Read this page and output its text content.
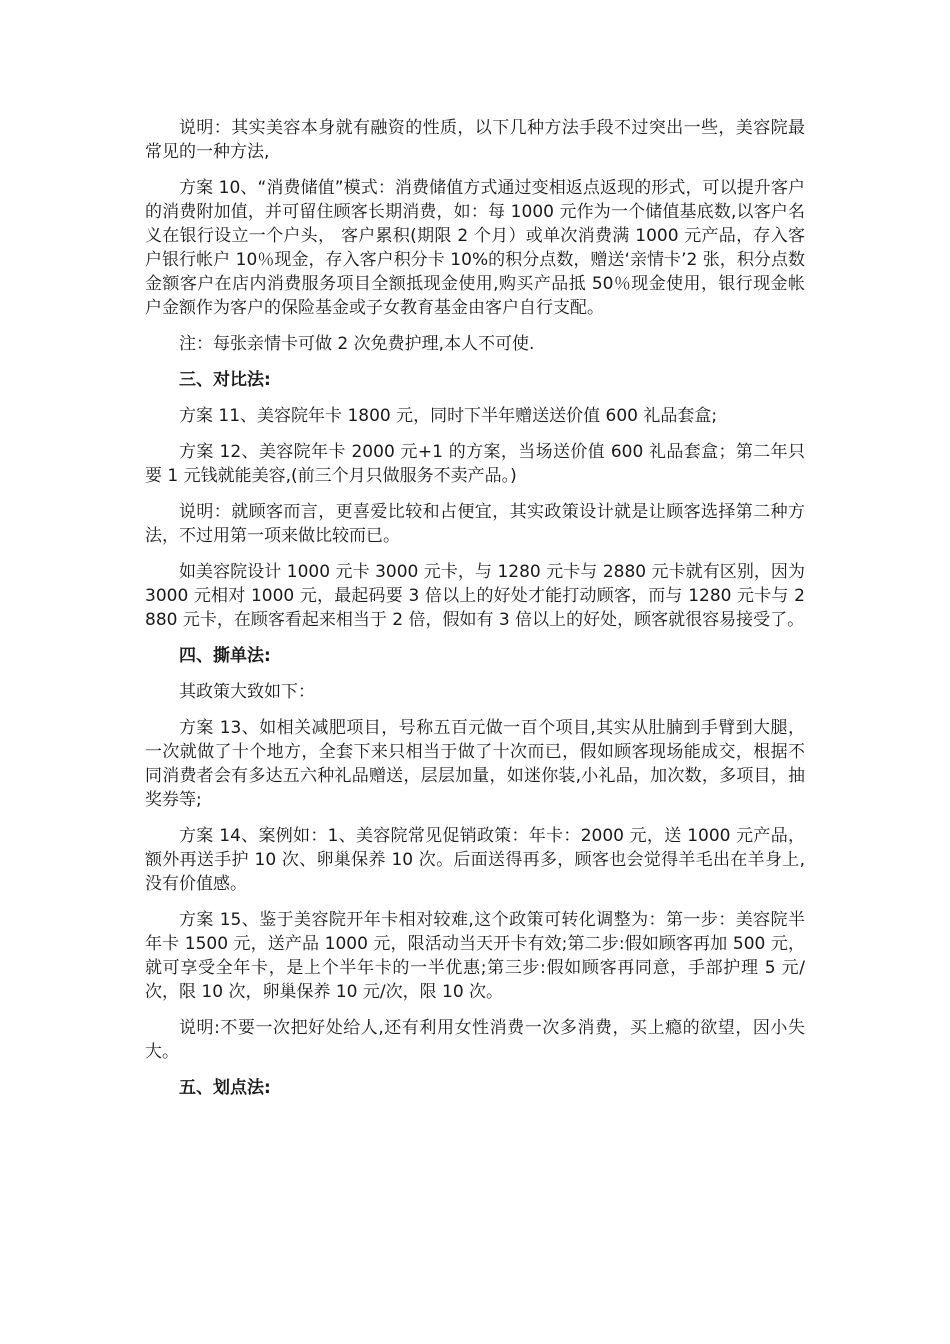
说明：其实美容本身就有融资的性质，以下几种方法手段不过突出一些，美容院最常见的一种方法,

方案 10、“消费储值”模式：消费储值方式通过变相返点返现的形式，可以提升客户的消费附加值，并可留住顾客长期消费，如：每 1000 元作为一个储值基底数,以客户名义在银行设立一个户头， 客户累积(期限 2 个月）或单次消费满 1000 元产品，存入客户银行帐户 10％现金，存入客户积分卡 10%的积分点数，赠送‘亲情卡’2 张，积分点数金额客户在店内消费服务项目全额抵现金使用,购买产品抵 50％现金使用，银行现金帐户金额作为客户的保险基金或子女教育基金由客户自行支配。

注：每张亲情卡可做 2 次免费护理,本人不可使.

三、对比法:

方案 11、美容院年卡 1800 元，同时下半年赠送送价值 600 礼品套盒;

方案 12、美容院年卡 2000 元+1 的方案，当场送价值 600 礼品套盒；第二年只要 1 元钱就能美容,(前三个月只做服务不卖产品。)

说明：就顾客而言，更喜爱比较和占便宜，其实政策设计就是让顾客选择第二种方法，不过用第一项来做比较而已。

如美容院设计 1000 元卡 3000 元卡，与 1280 元卡与 2880 元卡就有区别，因为 3000 元相对 1000 元，最起码要 3 倍以上的好处才能打动顾客，而与 1280 元卡与 2880 元卡，在顾客看起来相当于 2 倍，假如有 3 倍以上的好处，顾客就很容易接受了。

四、撕单法:

其政策大致如下：

方案 13、如相关减肥项目，号称五百元做一百个项目,其实从肚腩到手臂到大腿，一次就做了十个地方，全套下来只相当于做了十次而已，假如顾客现场能成交，根据不同消费者会有多达五六种礼品赠送，层层加量，如迷你装,小礼品，加次数，多项目，抽奖券等;

方案 14、案例如：1、美容院常见促销政策：年卡：2000 元，送 1000 元产品，额外再送手护 10 次、卵巢保养 10 次。后面送得再多，顾客也会觉得羊毛出在羊身上,没有价值感。

方案 15、鉴于美容院开年卡相对较难,这个政策可转化调整为：第一步：美容院半年卡 1500 元，送产品 1000 元，限活动当天开卡有效;第二步:假如顾客再加 500 元，就可享受全年卡，是上个半年卡的一半优惠;第三步:假如顾客再同意，手部护理 5 元/次，限 10 次，卵巢保养 10 元/次，限 10 次。

说明:不要一次把好处给人,还有利用女性消费一次多消费，买上瘾的欲望，因小失大。

五、划点法:
